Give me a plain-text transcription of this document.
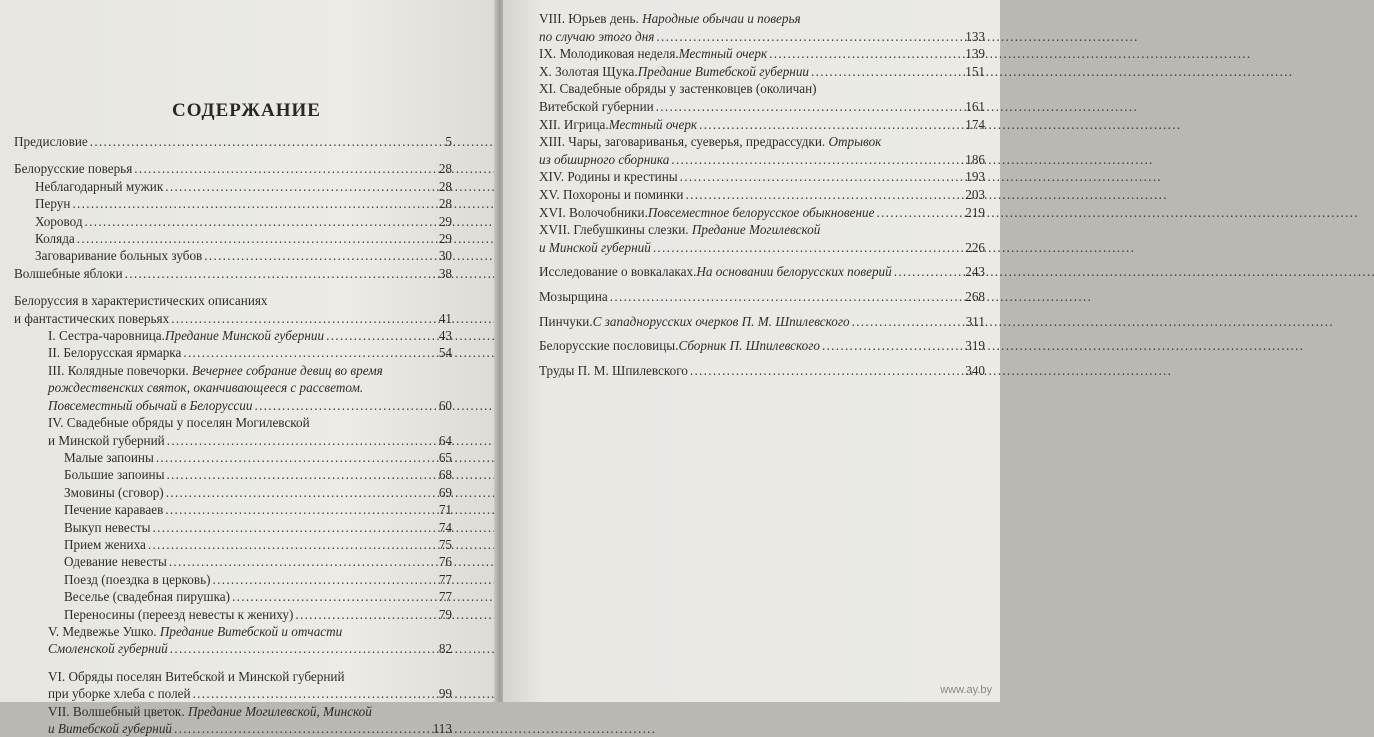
СОДЕРЖАНИЕ
Предисловие . . .	5
Белорусские поверья . . .	28
Неблагодарный мужик . . .	28
Перун . . .	28
Хоровод . . .	29
Коляда . . .	29
Заговаривание больных зубов . . .	30
Волшебные яблоки . . .	38
Белоруссия в характеристических описаниях
и фантастических поверьях . . .	41
I. Сестра-чаровница. Предание Минской губернии . . .	43
II. Белорусская ярмарка . . .	54
III. Колядные повечорки. Вечернее собрание девиц во время
рождественских святок, оканчивающееся с рассветом.
Повсеместный обычай в Белоруссии . . .	60
IV. Свадебные обряды у поселян Могилевской
и Минской губерний . . .	64
Малые запоины . . .	65
Большие запоины . . .	68
Змовины (сговор) . . .	69
Печение караваев . . .	71
Выкуп невесты . . .	74
Прием жениха . . .	75
Одевание невесты . . .	76
Поезд (поездка в церковь) . . .	77
Веселье (свадебная пирушка) . . .	77
Переносины (переезд невесты к жениху) . . .	79
V. Медвежье Ушко. Предание Витебской и отчасти
Смоленской губерний . . .	82
VI. Обряды поселян Витебской и Минской губерний
при уборке хлеба с полей . . .	99
VII. Волшебный цветок. Предание Могилевской, Минской
и Витебской губерний . . .	113
VIII. Юрьев день. Народные обычаи и поверья
по случаю этого дня . . .	133
IX. Молодиковая неделя. Местный очерк . . .	139
X. Золотая Щука. Предание Витебской губернии . . .	151
XI. Свадебные обряды у застенковцев (околичан)
Витебской губернии . . .	161
XII. Игрица. Местный очерк . . .	174
XIII. Чары, заговариванья, суеверья, предрассудки. Отрывок
из обширного сборника . . .	186
XIV. Родины и крестины . . .	193
XV. Похороны и поминки . . .	203
XVI. Волочобники. Повсеместное белорусское обыкновение . . .	219
XVII. Глебушкины слезки. Предание Могилевской
и Минской губерний . . .	226
Исследование о вовкалаках. На основании белорусских поверий . . .	243
Мозырщина . . .	268
Пинчуки. С западнорусских очерков П. М. Шпилевского . . .	311
Белорусские пословицы. Сборник П. Шпилевского . . .	319
Труды П. М. Шпилевского . . .	340
www.ay.by
